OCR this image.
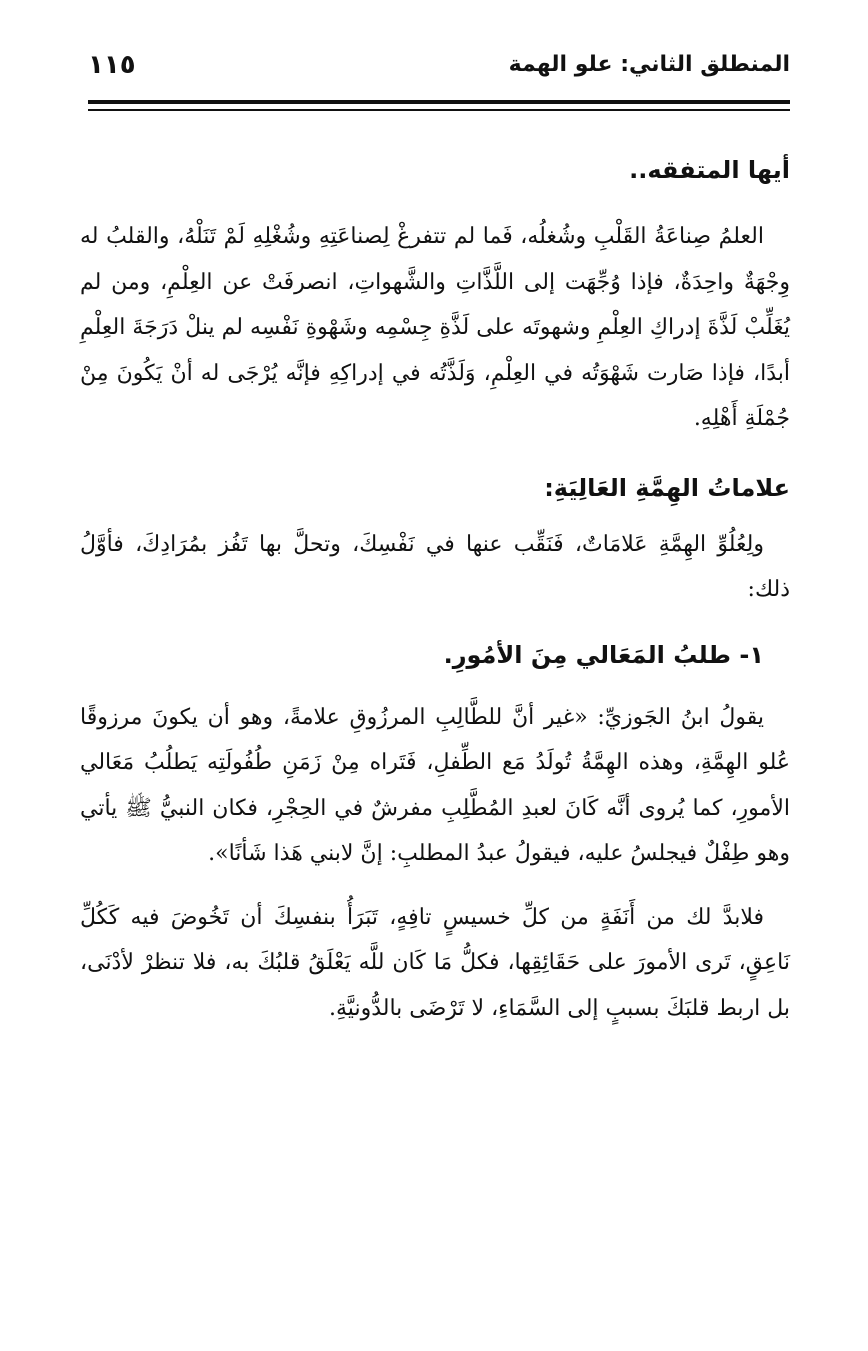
المنطلق الثاني: علو الهمة
١١٥
أيها المتفقه..

العلمُ صِناعَةُ القَلْبِ وشُغلُه، فَما لم تتفرغْ لِصناعَتِهِ وشُغْلِهِ لَمْ تَنَلْهُ، والقلبُ له وِجْهَةٌ واحِدَةٌ، فإذا وُجِّهَت إلى اللَّذَّاتِ والشَّهواتِ، انصرفَتْ عن العِلْمِ، ومن لم يُغَلِّبْ لَذَّةَ إدراكِ العِلْمِ وشهوتَه على لَذَّةِ جِسْمِه وشَهْوةِ نَفْسِه لم ينلْ دَرَجَةَ العِلْمِ أبدًا، فإذا صَارت شَهْوَتُه في العِلْمِ، وَلَذَّتُه في إدراكِهِ فإنَّه يُرْجَى له أنْ يَكُونَ مِنْ جُمْلَةِ أَهْلِهِ.

علاماتُ الهِمَّةِ العَالِيَةِ:

ولِعُلُوِّ الهِمَّةِ عَلامَاتٌ، فَنَقِّب عنها في نَفْسِكَ، وتحلَّ بها تَفُز بمُرَادِكَ، فأوَّلُ ذلك:

١- طلبُ المَعَالي مِنَ الأمُورِ.

يقولُ ابنُ الجَوزيِّ: «غير أنَّ للطَّالِبِ المرزُوقِ علامةً، وهو أن يكونَ مرزوقًا عُلو الهِمَّةِ، وهذه الهِمَّةُ تُولَدُ مَع الطِّفلِ، فَتَراه مِنْ زَمَنِ طُفُولَتِه يَطلُبُ مَعَالي الأمورِ، كما يُروى أنَّه كَانَ لعبدِ المُطَّلِبِ مفرشٌ في الحِجْرِ، فكان النبيُّ ﷺ يأتي وهو طِفْلٌ فيجلسُ عليه، فيقولُ عبدُ المطلبِ: إنَّ لابني هَذا شَأنًا».

فلابدَّ لك من أَنَفَةٍ من كلِّ خسيسٍ تافِهٍ، تَبَرَأُ بنفسِكَ أن تَخُوضَ فيه كَكُلِّ نَاعِقٍ، تَرى الأمورَ على حَقَائِقِها، فكلُّ مَا كَان للَّه يَعْلَقُ قلبُكَ به، فلا تنظرْ لأدْنَى، بل اربط قلبَكَ بسببٍ إلى السَّمَاءِ، لا تَرْضَى بالدُّونيَّةِ.
